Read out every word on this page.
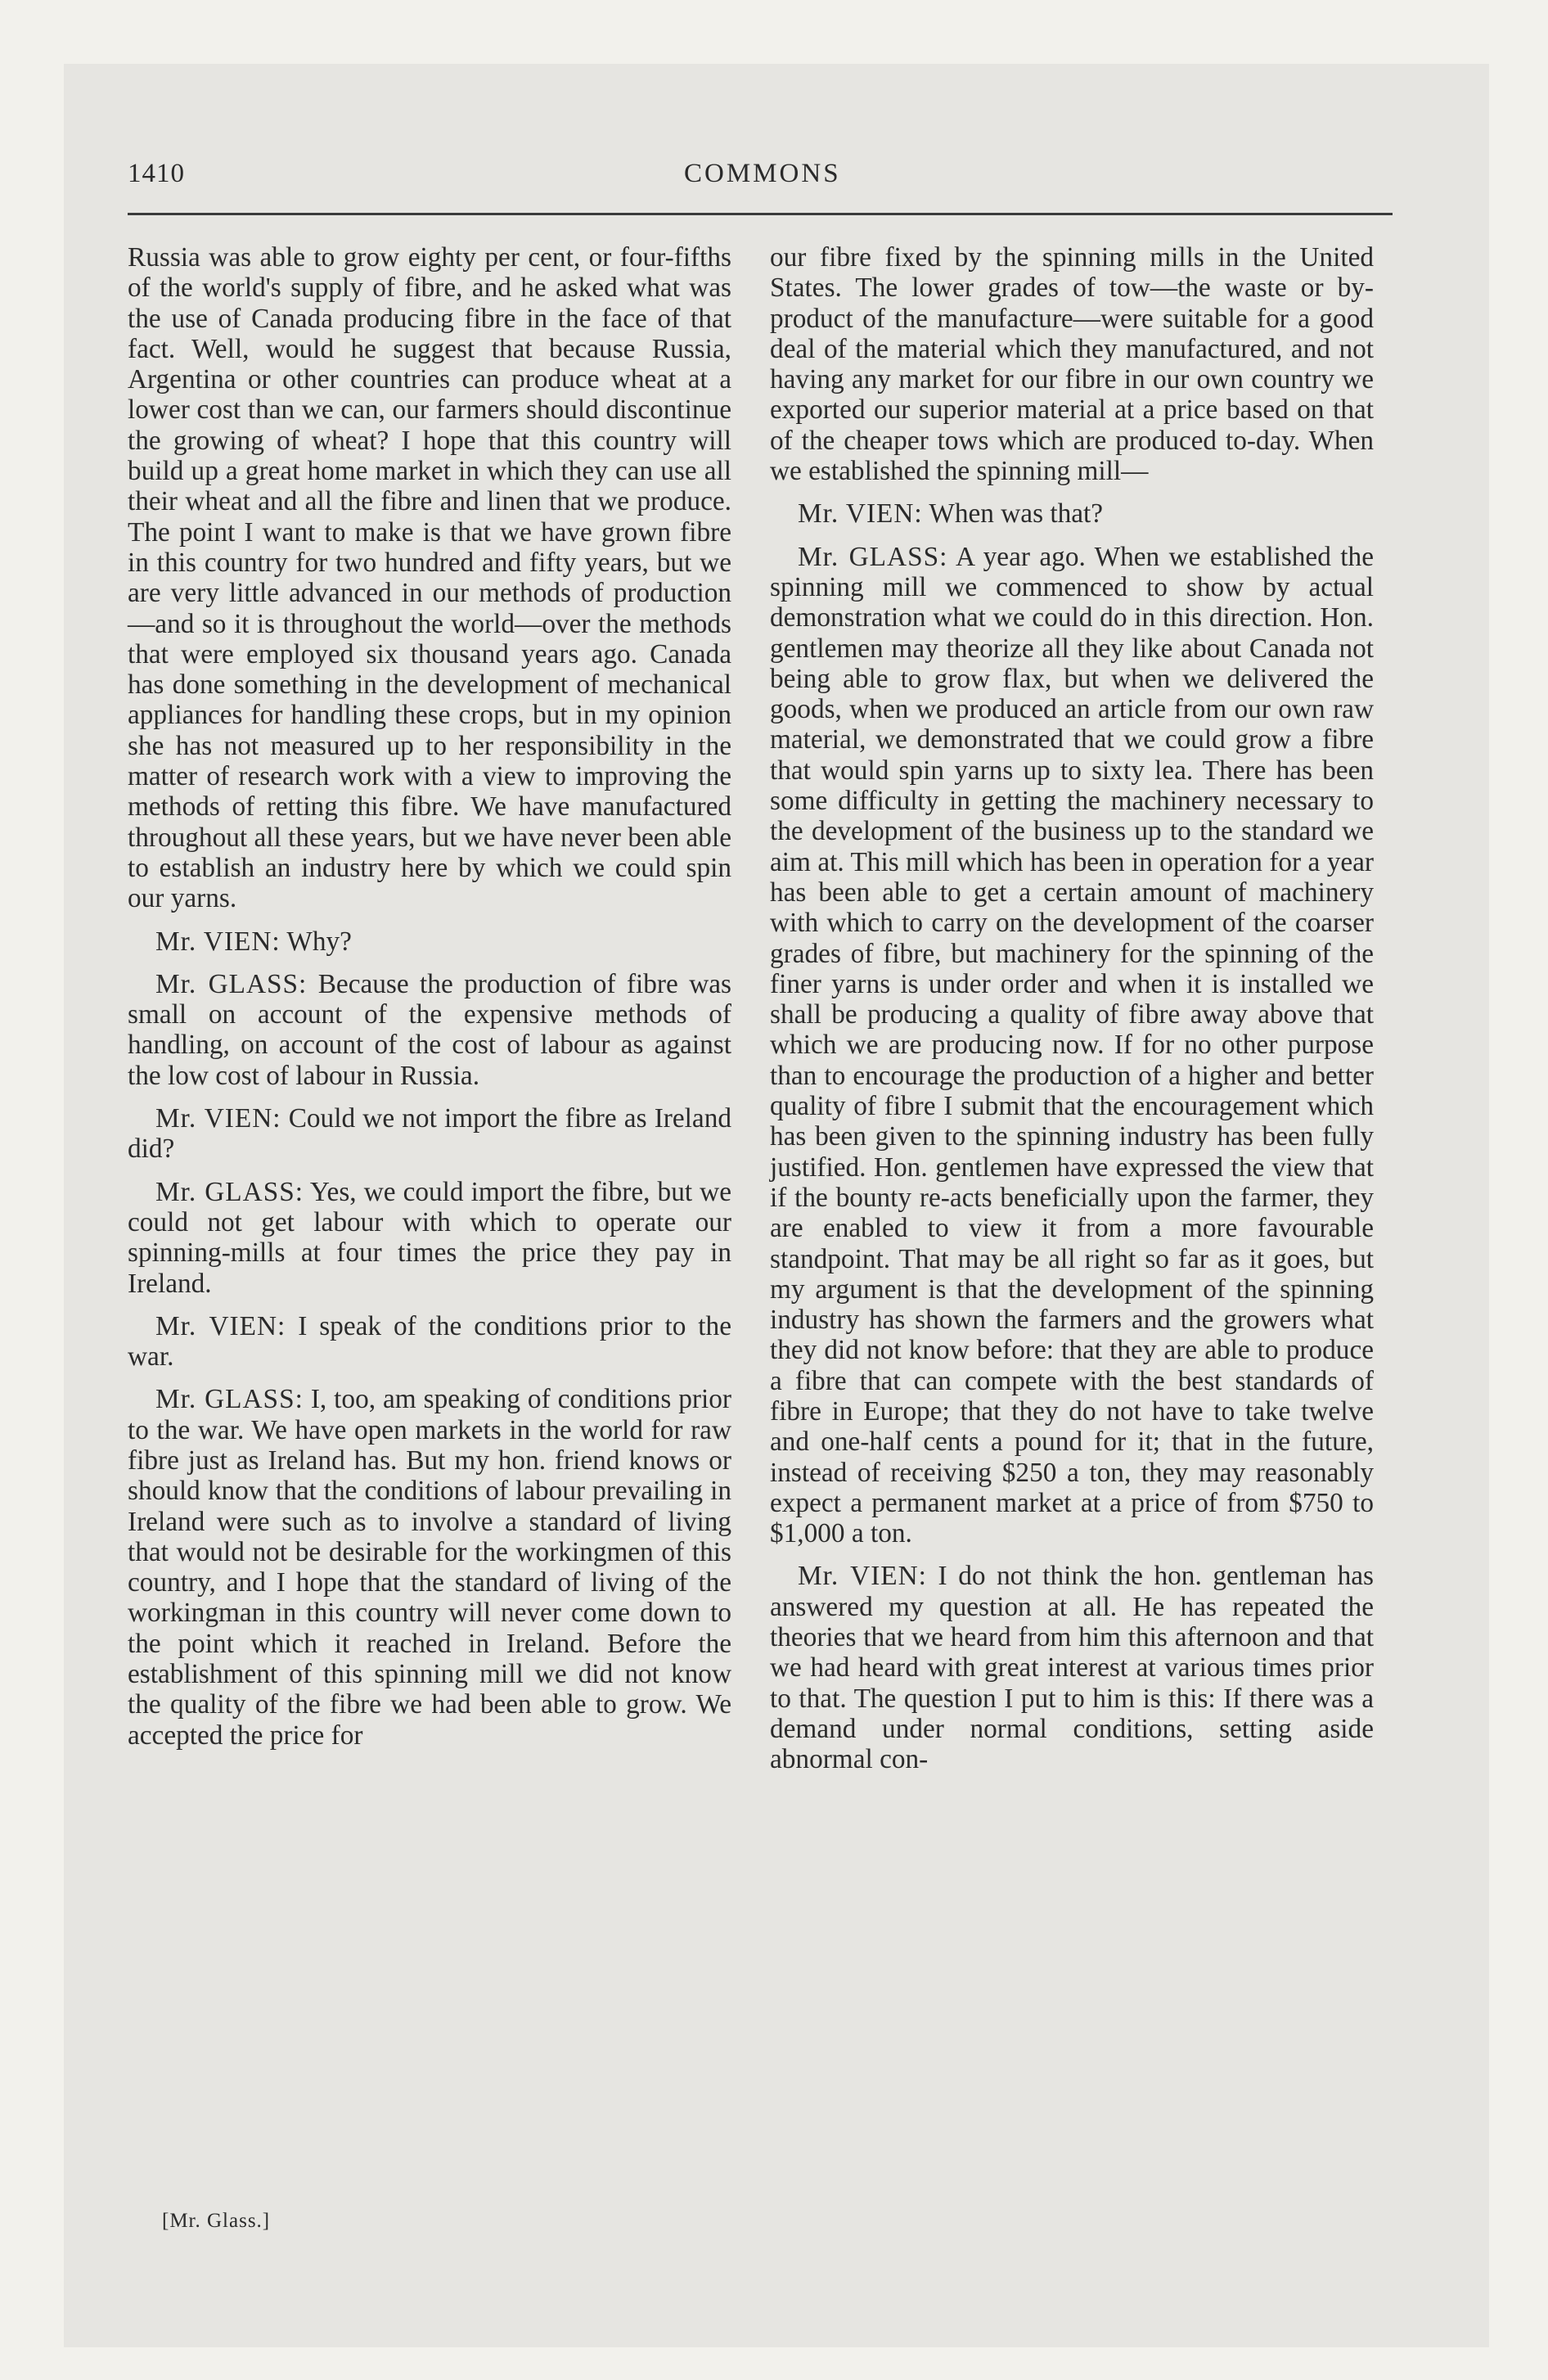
1410	COMMONS

Russia was able to grow eighty per cent, or four-fifths of the world's supply of fibre, and he asked what was the use of Canada producing fibre in the face of that fact. Well, would he suggest that because Russia, Argentina or other countries can produce wheat at a lower cost than we can, our farmers should discontinue the growing of wheat? I hope that this country will build up a great home market in which they can use all their wheat and all the fibre and linen that we produce. The point I want to make is that we have grown fibre in this country for two hundred and fifty years, but we are very little advanced in our methods of production—and so it is throughout the world—over the methods that were employed six thousand years ago. Canada has done something in the development of mechanical appliances for handling these crops, but in my opinion she has not measured up to her responsibility in the matter of research work with a view to improving the methods of retting this fibre. We have manufactured throughout all these years, but we have never been able to establish an industry here by which we could spin our yarns.

Mr. VIEN: Why?

Mr. GLASS: Because the production of fibre was small on account of the expensive methods of handling, on account of the cost of labour as against the low cost of labour in Russia.

Mr. VIEN: Could we not import the fibre as Ireland did?

Mr. GLASS: Yes, we could import the fibre, but we could not get labour with which to operate our spinning-mills at four times the price they pay in Ireland.

Mr. VIEN: I speak of the conditions prior to the war.

Mr. GLASS: I, too, am speaking of conditions prior to the war. We have open markets in the world for raw fibre just as Ireland has. But my hon. friend knows or should know that the conditions of labour prevailing in Ireland were such as to involve a standard of living that would not be desirable for the workingmen of this country, and I hope that the standard of living of the workingman in this country will never come down to the point which it reached in Ireland. Before the establishment of this spinning mill we did not know the quality of the fibre we had been able to grow. We accepted the price for

our fibre fixed by the spinning mills in the United States. The lower grades of tow—the waste or by-product of the manufacture—were suitable for a good deal of the material which they manufactured, and not having any market for our fibre in our own country we exported our superior material at a price based on that of the cheaper tows which are produced to-day. When we established the spinning mill—

Mr. VIEN: When was that?

Mr. GLASS: A year ago. When we established the spinning mill we commenced to show by actual demonstration what we could do in this direction. Hon. gentlemen may theorize all they like about Canada not being able to grow flax, but when we delivered the goods, when we produced an article from our own raw material, we demonstrated that we could grow a fibre that would spin yarns up to sixty lea. There has been some difficulty in getting the machinery necessary to the development of the business up to the standard we aim at. This mill which has been in operation for a year has been able to get a certain amount of machinery with which to carry on the development of the coarser grades of fibre, but machinery for the spinning of the finer yarns is under order and when it is installed we shall be producing a quality of fibre away above that which we are producing now. If for no other purpose than to encourage the production of a higher and better quality of fibre I submit that the encouragement which has been given to the spinning industry has been fully justified. Hon. gentlemen have expressed the view that if the bounty re-acts beneficially upon the farmer, they are enabled to view it from a more favourable standpoint. That may be all right so far as it goes, but my argument is that the development of the spinning industry has shown the farmers and the growers what they did not know before: that they are able to produce a fibre that can compete with the best standards of fibre in Europe; that they do not have to take twelve and one-half cents a pound for it; that in the future, instead of receiving $250 a ton, they may reasonably expect a permanent market at a price of from $750 to $1,000 a ton.

Mr. VIEN: I do not think the hon. gentleman has answered my question at all. He has repeated the theories that we heard from him this afternoon and that we had heard with great interest at various times prior to that. The question I put to him is this: If there was a demand under normal conditions, setting aside abnormal con-

[Mr. Glass.]
